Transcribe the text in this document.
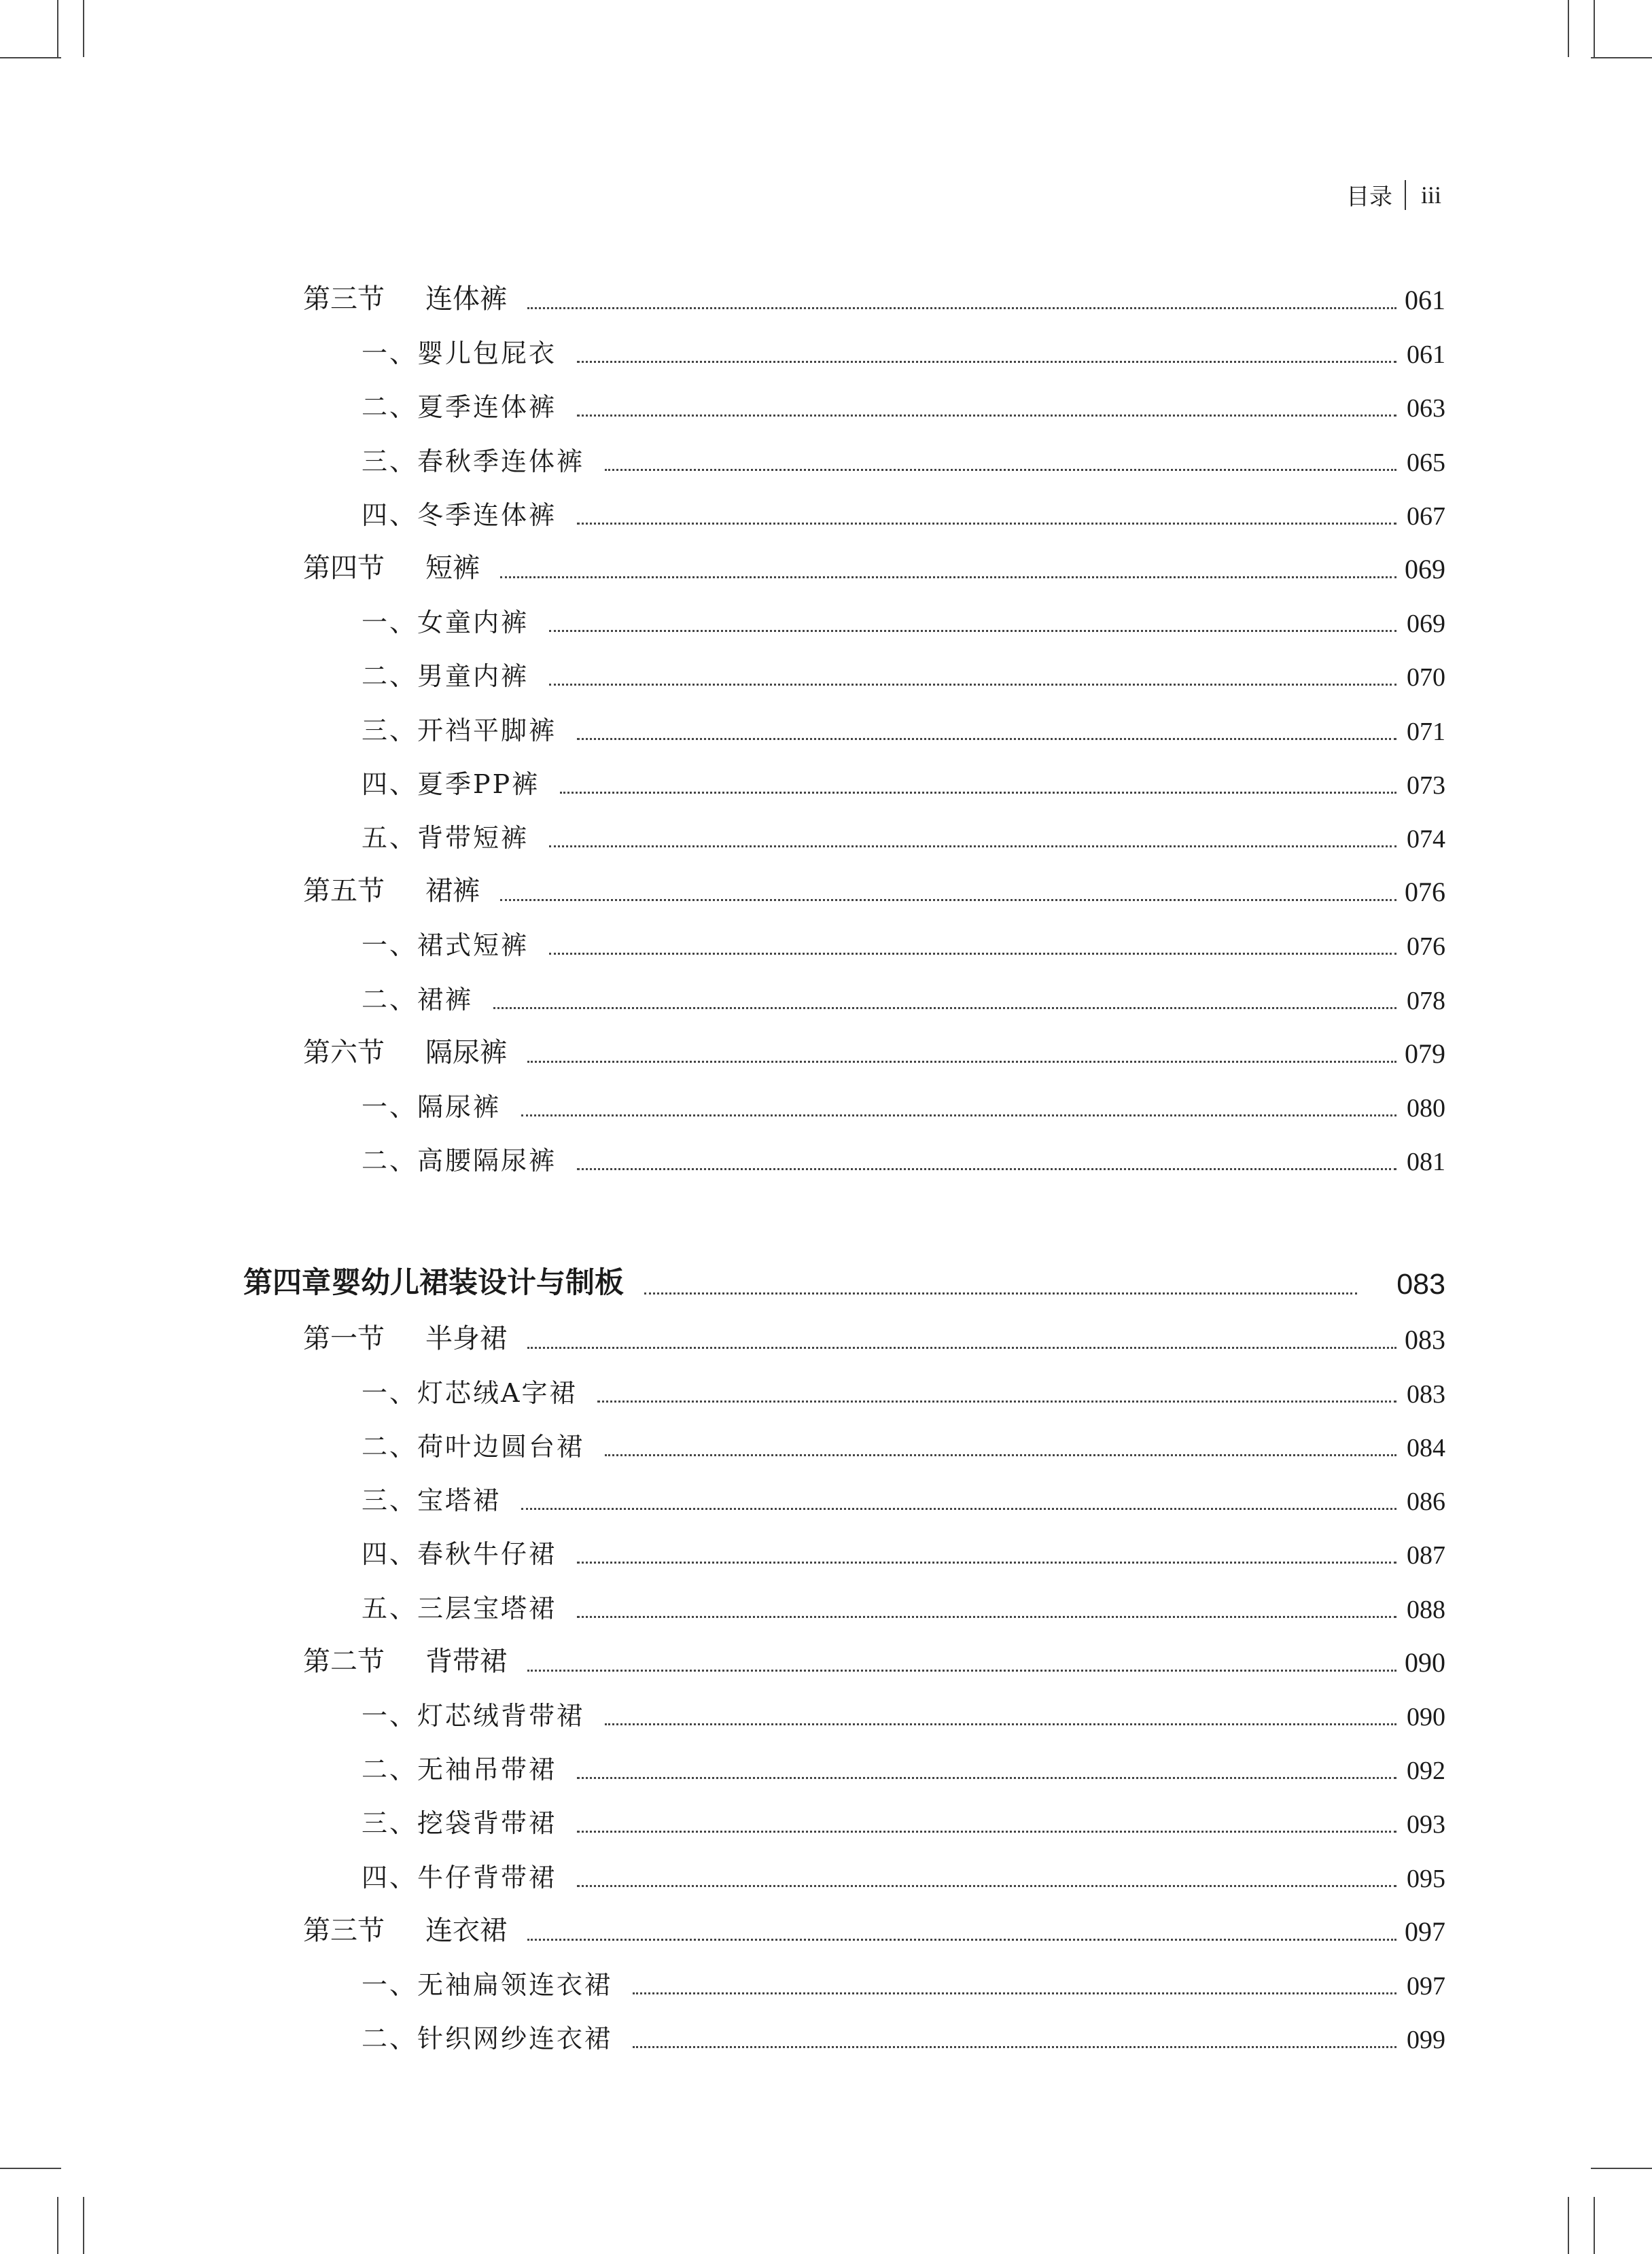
目录 iii
第三节 连体裤	061
一、婴儿包屁衣	061
二、夏季连体裤	063
三、春秋季连体裤	065
四、冬季连体裤	067
第四节 短裤	069
一、女童内裤	069
二、男童内裤	070
三、开裆平脚裤	071
四、夏季PP裤	073
五、背带短裤	074
第五节 裙裤	076
一、裙式短裤	076
二、裙裤	078
第六节 隔尿裤	079
一、隔尿裤	080
二、高腰隔尿裤	081
第四章婴幼儿裙装设计与制板	083
第一节 半身裙	083
一、灯芯绒A字裙	083
二、荷叶边圆台裙	084
三、宝塔裙	086
四、春秋牛仔裙	087
五、三层宝塔裙	088
第二节 背带裙	090
一、灯芯绒背带裙	090
二、无袖吊带裙	092
三、挖袋背带裙	093
四、牛仔背带裙	095
第三节 连衣裙	097
一、无袖扁领连衣裙	097
二、针织网纱连衣裙	099
